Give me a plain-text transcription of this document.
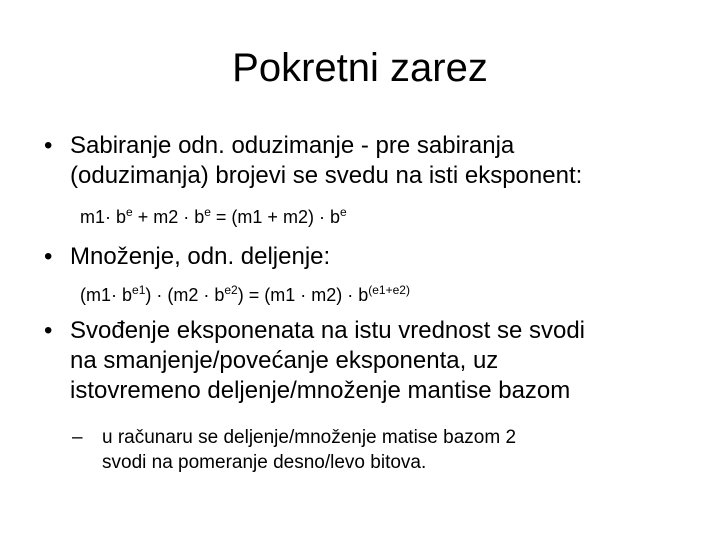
Pokretni zarez
• Sabiranje odn. oduzimanje - pre sabiranja
(oduzimanja) brojevi se svedu na isti eksponent:
$m1\cdot b^e + m2 \cdot b^e = (m1 + m2) \cdot b^e$
• Množenje, odn. deljenje:
$(m1\cdot b^{e1}) \cdot (m2 \cdot b^{e2}) = (m1 \cdot m2) \cdot b^{(e1+e2)}$
• Svođenje eksponenata na istu vrednost se svodi
na smanjenje/povećanje eksponenta, uz
istovremeno deljenje/množenje mantise bazom
– u računaru se deljenje/množenje matise bazom 2
svodi na pomeranje desno/levo bitova.
